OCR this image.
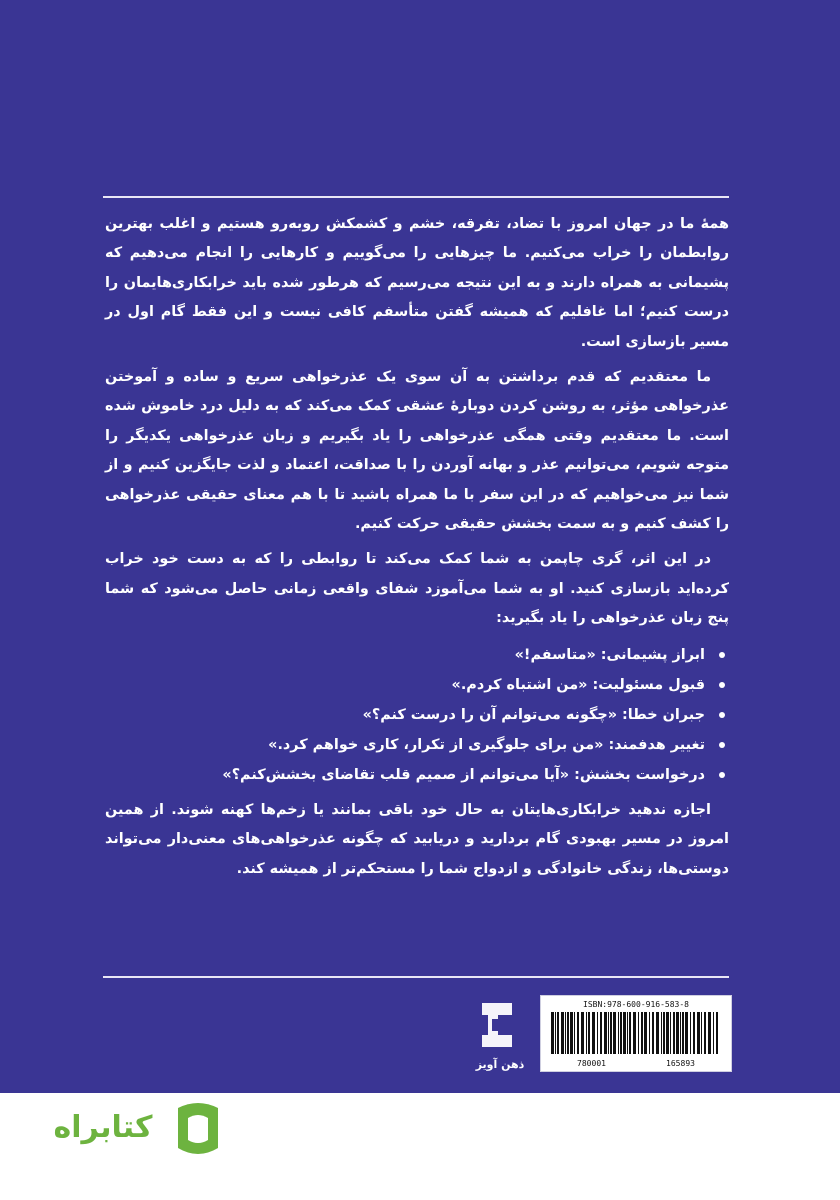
همهٔ ما در جهان امروز با تضاد، تفرقه، خشم و کشمکش روبه‌رو هستیم و اغلب بهترین روابطمان را خراب می‌کنیم. ما چیزهایی را می‌گوییم و کارهایی را انجام می‌دهیم که پشیمانی به همراه دارند و به این نتیجه می‌رسیم که هرطور شده باید خرابکاری‌هایمان را درست کنیم؛ اما غافلیم که همیشه گفتن متأسفم کافی نیست و این فقط گام اول در مسیر بازسازی است.

ما معتقدیم که قدم برداشتن به آن سوی یک عذرخواهی سریع و ساده و آموختن عذرخواهی مؤثر، به روشن کردن دوبارهٔ عشقی کمک می‌کند که به دلیل درد خاموش شده است. ما معتقدیم وقتی همگی عذرخواهی را یاد بگیریم و زبان عذرخواهی یکدیگر را متوجه شویم، می‌توانیم عذر و بهانه آوردن را با صداقت، اعتماد و لذت جایگزین کنیم و از شما نیز می‌خواهیم که در این سفر با ما همراه باشید تا با هم معنای حقیقی عذرخواهی را کشف کنیم و به سمت بخشش حقیقی حرکت کنیم.

در این اثر، گری چاپمن به شما کمک می‌کند تا روابطی را که به دست خود خراب کرده‌اید بازسازی کنید. او به شما می‌آموزد شفای واقعی زمانی حاصل می‌شود که شما پنج زبان عذرخواهی را یاد بگیرید:

ابراز پشیمانی: «متاسفم!»
قبول مسئولیت: «من اشتباه کردم.»
جبران خطا: «چگونه می‌توانم آن را درست کنم؟»
تغییر هدفمند: «من برای جلوگیری از تکرار، کاری خواهم کرد.»
درخواست بخشش: «آیا می‌توانم از صمیم قلب تقاضای بخشش‌کنم؟»

اجازه ندهید خرابکاری‌هایتان به حال خود باقی بمانند یا زخم‌ها کهنه شوند. از همین امروز در مسیر بهبودی گام بردارید و دریابید که چگونه عذرخواهی‌های معنی‌دار می‌تواند دوستی‌ها، زندگی خانوادگی و ازدواج شما را مستحکم‌تر از همیشه کند.

ذهن آویز
ISBN:978-600-916-583-8
780001	165893
کتابراه
